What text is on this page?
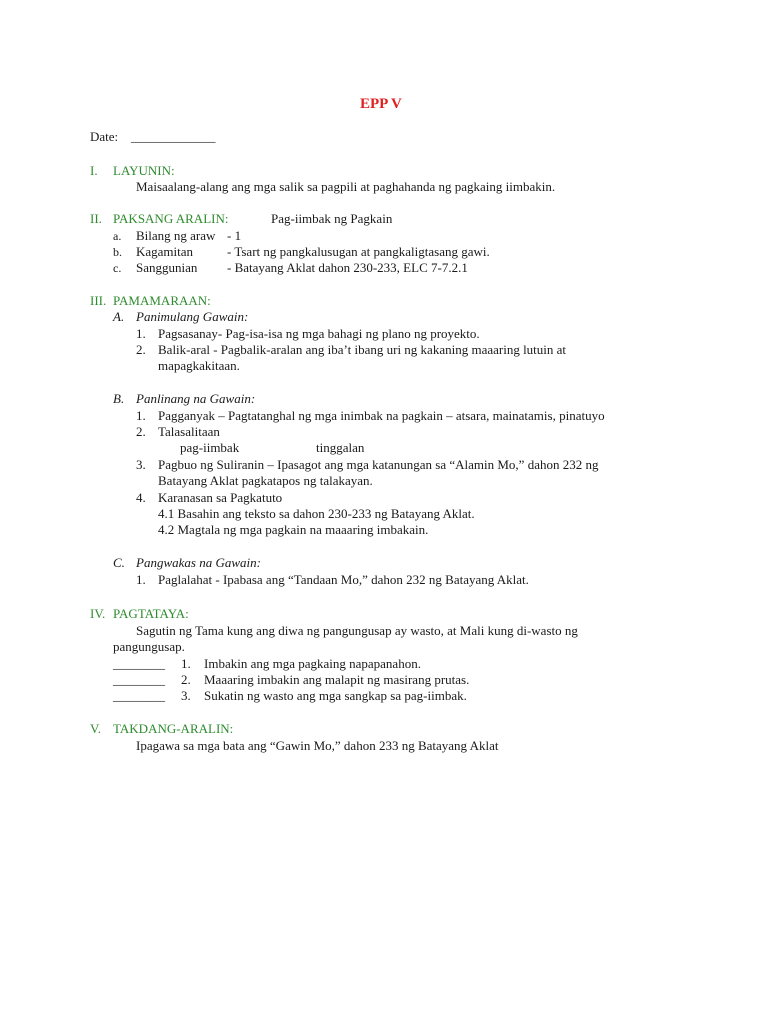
EPP V
Date: _____________
I. LAYUNIN:
Maisaalang-alang ang mga salik sa pagpili at paghahanda ng pagkaing iimbakin.
II. PAKSANG ARALIN:	Pag-iimbak ng Pagkain
a. Bilang ng araw - 1
b. Kagamitan	- Tsart ng pangkalusugan at pangkaligtasang gawi.
c. Sanggunian - Batayang Aklat dahon 230-233, ELC 7-7.2.1
III. PAMAMARAAN:
A. Panimulang Gawain:
1. Pagsasanay- Pag-isa-isa ng mga bahagi ng plano ng proyekto.
2. Balik-aral - Pagbalik-aralan ang iba’t ibang uri ng kakaning maaaring lutuin at
mapagkakitaan.
B. Panlinang na Gawain:
1. Pagganyak – Pagtatanghal ng mga inimbak na pagkain – atsara, mainatamis, pinatuyo
2. Talasalitaan
pag-iimbak	tinggalan
3. Pagbuo ng Suliranin – Ipasagot ang mga katanungan sa “Alamin Mo,” dahon 232 ng
Batayang Aklat pagkatapos ng talakayan.
4. Karanasan sa Pagkatuto
4.1 Basahin ang teksto sa dahon 230-233 ng Batayang Aklat.
4.2 Magtala ng mga pagkain na maaaring imbakain.
C. Pangwakas na Gawain:
1. Paglalahat - Ipabasa ang “Tandaan Mo,” dahon 232 ng Batayang Aklat.
IV. PAGTATAYA:
Sagutin ng Tama kung ang diwa ng pangungusap ay wasto, at Mali kung di-wasto ng
pangungusap.
________ 1. Imbakin ang mga pagkaing napapanahon.
________ 2. Maaaring imbakin ang malapit ng masirang prutas.
________ 3. Sukatin ng wasto ang mga sangkap sa pag-iimbak.
V. TAKDANG-ARALIN:
Ipagawa sa mga bata ang “Gawin Mo,” dahon 233 ng Batayang Aklat
